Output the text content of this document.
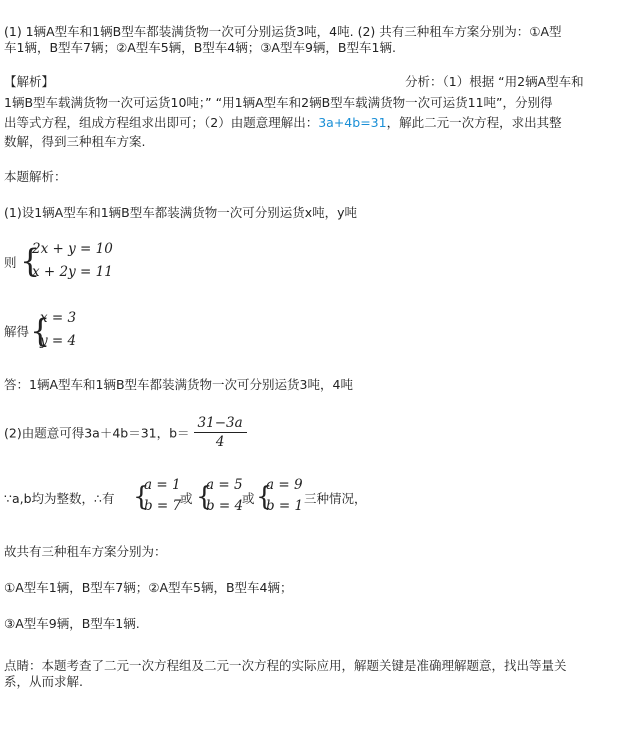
(1) 1辆A型车和1辆B型车都装满货物一次可分别运货3吨，4吨. (2) 共有三种租车方案分别为：①A型
车1辆，B型车7辆；②A型车5辆，B型车4辆；③A型车9辆，B型车1辆.
【解析】	分析：（1）根据 “用2辆A型车和
1辆B型车载满货物一次可运货10吨；” “用1辆A型车和2辆B型车载满货物一次可运货11吨”，分别得
出等式方程，组成方程组求出即可；（2）由题意理解出：3a+4b=31，解此二元一次方程，求出其整
数解，得到三种租车方案.
本题解析：
(1)设1辆A型车和1辆B型车都装满货物一次可分别运货x吨，y吨
则 {
2x + y = 10
x + 2y = 11
解得 {
x = 3
y = 4
答：1辆A型车和1辆B型车都装满货物一次可分别运货3吨，4吨
(2)由题意可得3a＋4b＝31，$b= \frac{31-3a}{4}$
∵a,b均为整数，∴有 {
a = 1
b = 7
或 {
a = 5
b = 4
或 {
a = 9
b = 1 三种情况，
故共有三种租车方案分别为：
①A型车1辆，B型车7辆；②A型车5辆，B型车4辆；
③A型车9辆，B型车1辆.
点睛：本题考查了二元一次方程组及二元一次方程的实际应用，解题关键是准确理解题意，找出等量关
系，从而求解.
